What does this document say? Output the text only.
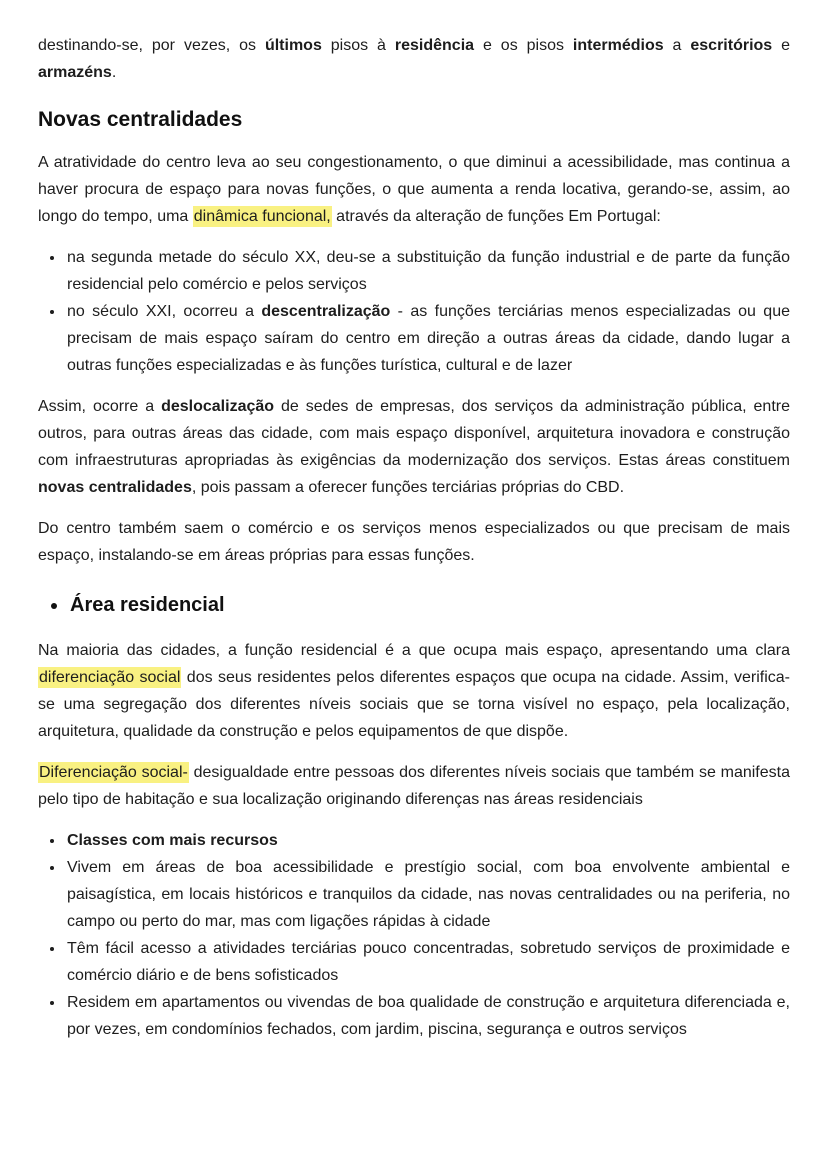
destinando-se, por vezes, os últimos pisos à residência e os pisos intermédios a escritórios e armazéns.

Novas centralidades

A atratividade do centro leva ao seu congestionamento, o que diminui a acessibilidade, mas continua a haver procura de espaço para novas funções, o que aumenta a renda locativa, gerando-se, assim, ao longo do tempo, uma dinâmica funcional, através da alteração de funções Em Portugal:

• na segunda metade do século XX, deu-se a substituição da função industrial e de parte da função residencial pelo comércio e pelos serviços
• no século XXI, ocorreu a descentralização - as funções terciárias menos especializadas ou que precisam de mais espaço saíram do centro em direção a outras áreas da cidade, dando lugar a outras funções especializadas e às funções turística, cultural e de lazer

Assim, ocorre a deslocalização de sedes de empresas, dos serviços da administração pública, entre outros, para outras áreas das cidade, com mais espaço disponível, arquitetura inovadora e construção com infraestruturas apropriadas às exigências da modernização dos serviços. Estas áreas constituem novas centralidades, pois passam a oferecer funções terciárias próprias do CBD.

Do centro também saem o comércio e os serviços menos especializados ou que precisam de mais espaço, instalando-se em áreas próprias para essas funções.

• Área residencial

Na maioria das cidades, a função residencial é a que ocupa mais espaço, apresentando uma clara diferenciação social dos seus residentes pelos diferentes espaços que ocupa na cidade. Assim, verifica-se uma segregação dos diferentes níveis sociais que se torna visível no espaço, pela localização, arquitetura, qualidade da construção e pelos equipamentos de que dispõe.

Diferenciação social- desigualdade entre pessoas dos diferentes níveis sociais que também se manifesta pelo tipo de habitação e sua localização originando diferenças nas áreas residenciais

• Classes com mais recursos
• Vivem em áreas de boa acessibilidade e prestígio social, com boa envolvente ambiental e paisagística, em locais históricos e tranquilos da cidade, nas novas centralidades ou na periferia, no campo ou perto do mar, mas com ligações rápidas à cidade
• Têm fácil acesso a atividades terciárias pouco concentradas, sobretudo serviços de proximidade e comércio diário e de bens sofisticados
• Residem em apartamentos ou vivendas de boa qualidade de construção e arquitetura diferenciada e, por vezes, em condomínios fechados, com jardim, piscina, segurança e outros serviços
